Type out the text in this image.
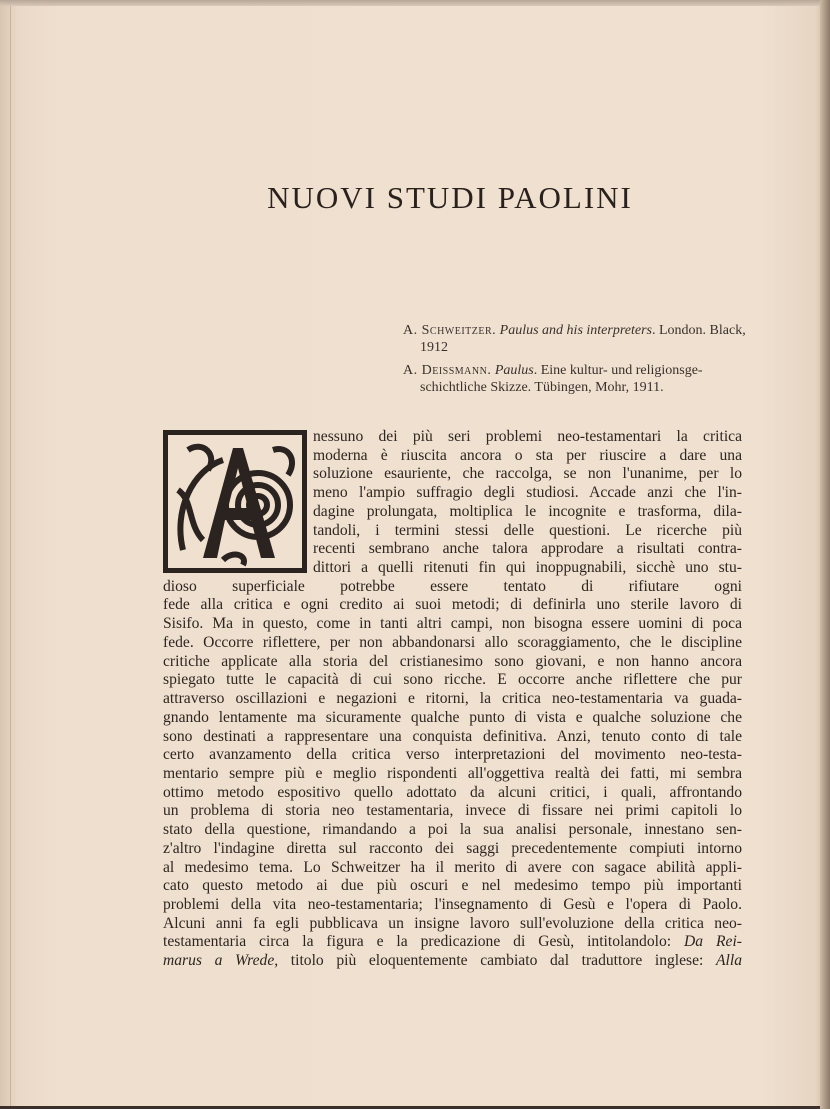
NUOVI STUDI PAOLINI
A. Schweitzer. Paulus and his interpreters. London. Black, 1912
A. Deissmann. Paulus. Eine kultur- und religionsge-schichtliche Skizze. Tübingen, Mohr, 1911.
nessuno dei più seri problemi neo-testamentari la critica
moderna è riuscita ancora o sta per riuscire a dare una
soluzione esauriente, che raccolga, se non l'unanime, per lo
meno l'ampio suffragio degli studiosi. Accade anzi che l'in-
dagine prolungata, moltiplica le incognite e trasforma, dila-
tandoli, i termini stessi delle questioni. Le ricerche più
recenti sembrano anche talora approdare a risultati contra-
dittori a quelli ritenuti fin qui inoppugnabili, sicchè uno stu-
dioso superficiale potrebbe essere tentato di rifiutare ogni
fede alla critica e ogni credito ai suoi metodi; di definirla uno sterile lavoro di
Sisifo. Ma in questo, come in tanti altri campi, non bisogna essere uomini di poca
fede. Occorre riflettere, per non abbandonarsi allo scoraggiamento, che le discipline
critiche applicate alla storia del cristianesimo sono giovani, e non hanno ancora
spiegato tutte le capacità di cui sono ricche. E occorre anche riflettere che pur
attraverso oscillazioni e negazioni e ritorni, la critica neo-testamentaria va guada-
gnando lentamente ma sicuramente qualche punto di vista e qualche soluzione che
sono destinati a rappresentare una conquista definitiva. Anzi, tenuto conto di tale
certo avanzamento della critica verso interpretazioni del movimento neo-testa-
mentario sempre più e meglio rispondenti all'oggettiva realtà dei fatti, mi sembra
ottimo metodo espositivo quello adottato da alcuni critici, i quali, affrontando
un problema di storia neo testamentaria, invece di fissare nei primi capitoli lo
stato della questione, rimandando a poi la sua analisi personale, innestano sen-
z'altro l'indagine diretta sul racconto dei saggi precedentemente compiuti intorno
al medesimo tema. Lo Schweitzer ha il merito di avere con sagace abilità appli-
cato questo metodo ai due più oscuri e nel medesimo tempo più importanti
problemi della vita neo-testamentaria; l'insegnamento di Gesù e l'opera di Paolo.
Alcuni anni fa egli pubblicava un insigne lavoro sull'evoluzione della critica neo-
testamentaria circa la figura e la predicazione di Gesù, intitolandolo: Da Rei-
marus a Wrede, titolo più eloquentemente cambiato dal traduttore inglese: Alla
